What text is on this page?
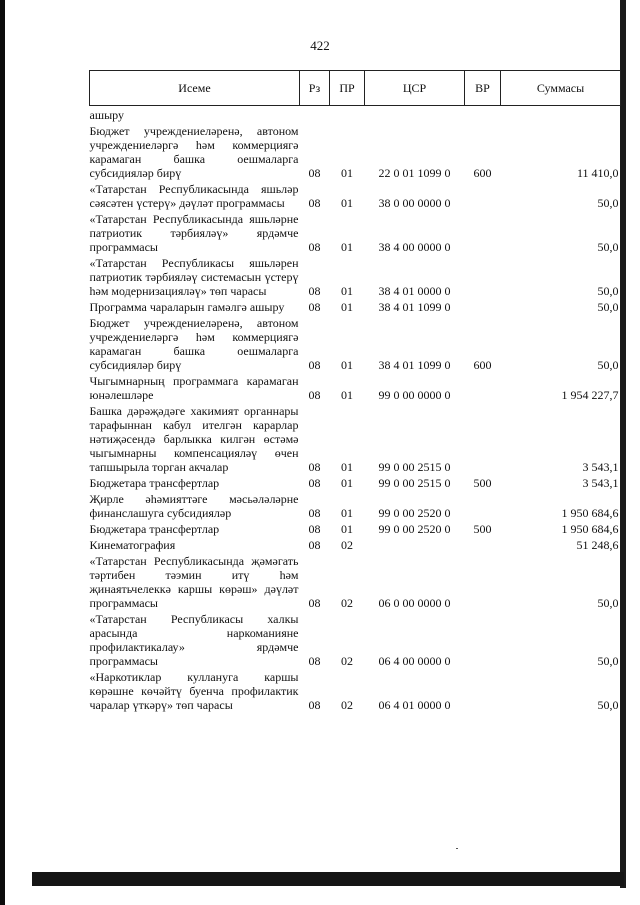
422
Исеме	Рз	ПР	ЦСР	ВР	Суммасы
ашыру					
Бюджет учреждениеләренә, автоном учреждениеләргә һәм коммерциягә карамаган башка оешмаларга субсидияләр бирү	08	01	22 0 01 1099 0	600	11 410,0
«Татарстан Республикасында яшьләр сәясәтен үстерү» дәүләт программасы	08	01	38 0 00 0000 0		50,0
«Татарстан Республикасында яшьләрне патриотик тәрбияләү» ярдәмче программасы	08	01	38 4 00 0000 0		50,0
«Татарстан Республикасы яшьләрен патриотик тәрбияләү системасын үстерү һәм модернизацияләү» төп чарасы	08	01	38 4 01 0000 0		50,0
Программа чараларын гамәлгә ашыру	08	01	38 4 01 1099 0		50,0
Бюджет учреждениеләренә, автоном учреждениеләргә һәм коммерциягә карамаган башка оешмаларга субсидияләр бирү	08	01	38 4 01 1099 0	600	50,0
Чыгымнарның программага карамаган юнәлешләре	08	01	99 0 00 0000 0		1 954 227,7
Башка дәрәҗәдәге хакимият органнары тарафыннан кабул ителгән карарлар нәтиҗәсендә барлыкка килгән өстәмә чыгымнарны компенсацияләү өчен тапшырыла торган акчалар	08	01	99 0 00 2515 0		3 543,1
Бюджетара трансфертлар	08	01	99 0 00 2515 0	500	3 543,1
Җирле әһәмияттәге мәсьәләләрне финанслашуга субсидияләр	08	01	99 0 00 2520 0		1 950 684,6
Бюджетара трансфертлар	08	01	99 0 00 2520 0	500	1 950 684,6
Кинематография	08	02			51 248,6
«Татарстан Республикасында җәмәгать тәртибен тәэмин итү һәм җинаятьчелеккә каршы көрәш» дәүләт программасы	08	02	06 0 00 0000 0		50,0
«Татарстан Республикасы халкы арасында наркоманияне профилактикалау» ярдәмче программасы	08	02	06 4 00 0000 0		50,0
«Наркотиклар куллануга каршы көрәшне көчәйтү буенча профилактик чаралар үткәрү» төп чарасы	08	02	06 4 01 0000 0		50,0
